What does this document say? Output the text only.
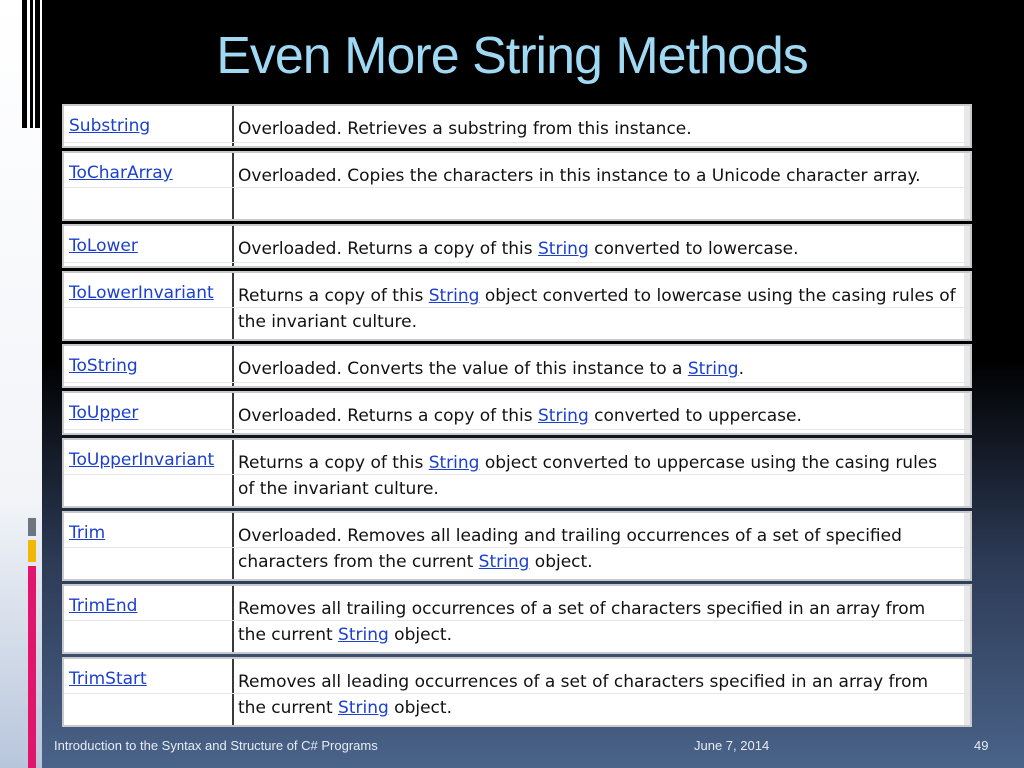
Even More String Methods
Substring	Overloaded. Retrieves a substring from this instance.
ToCharArray	Overloaded. Copies the characters in this instance to a Unicode character array.
ToLower	Overloaded. Returns a copy of this String converted to lowercase.
ToLowerInvariant	Returns a copy of this String object converted to lowercase using the casing rules of the invariant culture.
ToString	Overloaded. Converts the value of this instance to a String.
ToUpper	Overloaded. Returns a copy of this String converted to uppercase.
ToUpperInvariant	Returns a copy of this String object converted to uppercase using the casing rules of the invariant culture.
Trim	Overloaded. Removes all leading and trailing occurrences of a set of specified characters from the current String object.
TrimEnd	Removes all trailing occurrences of a set of characters specified in an array from the current String object.
TrimStart	Removes all leading occurrences of a set of characters specified in an array from the current String object.
Introduction to the Syntax and Structure of C# Programs	June 7, 2014	49
